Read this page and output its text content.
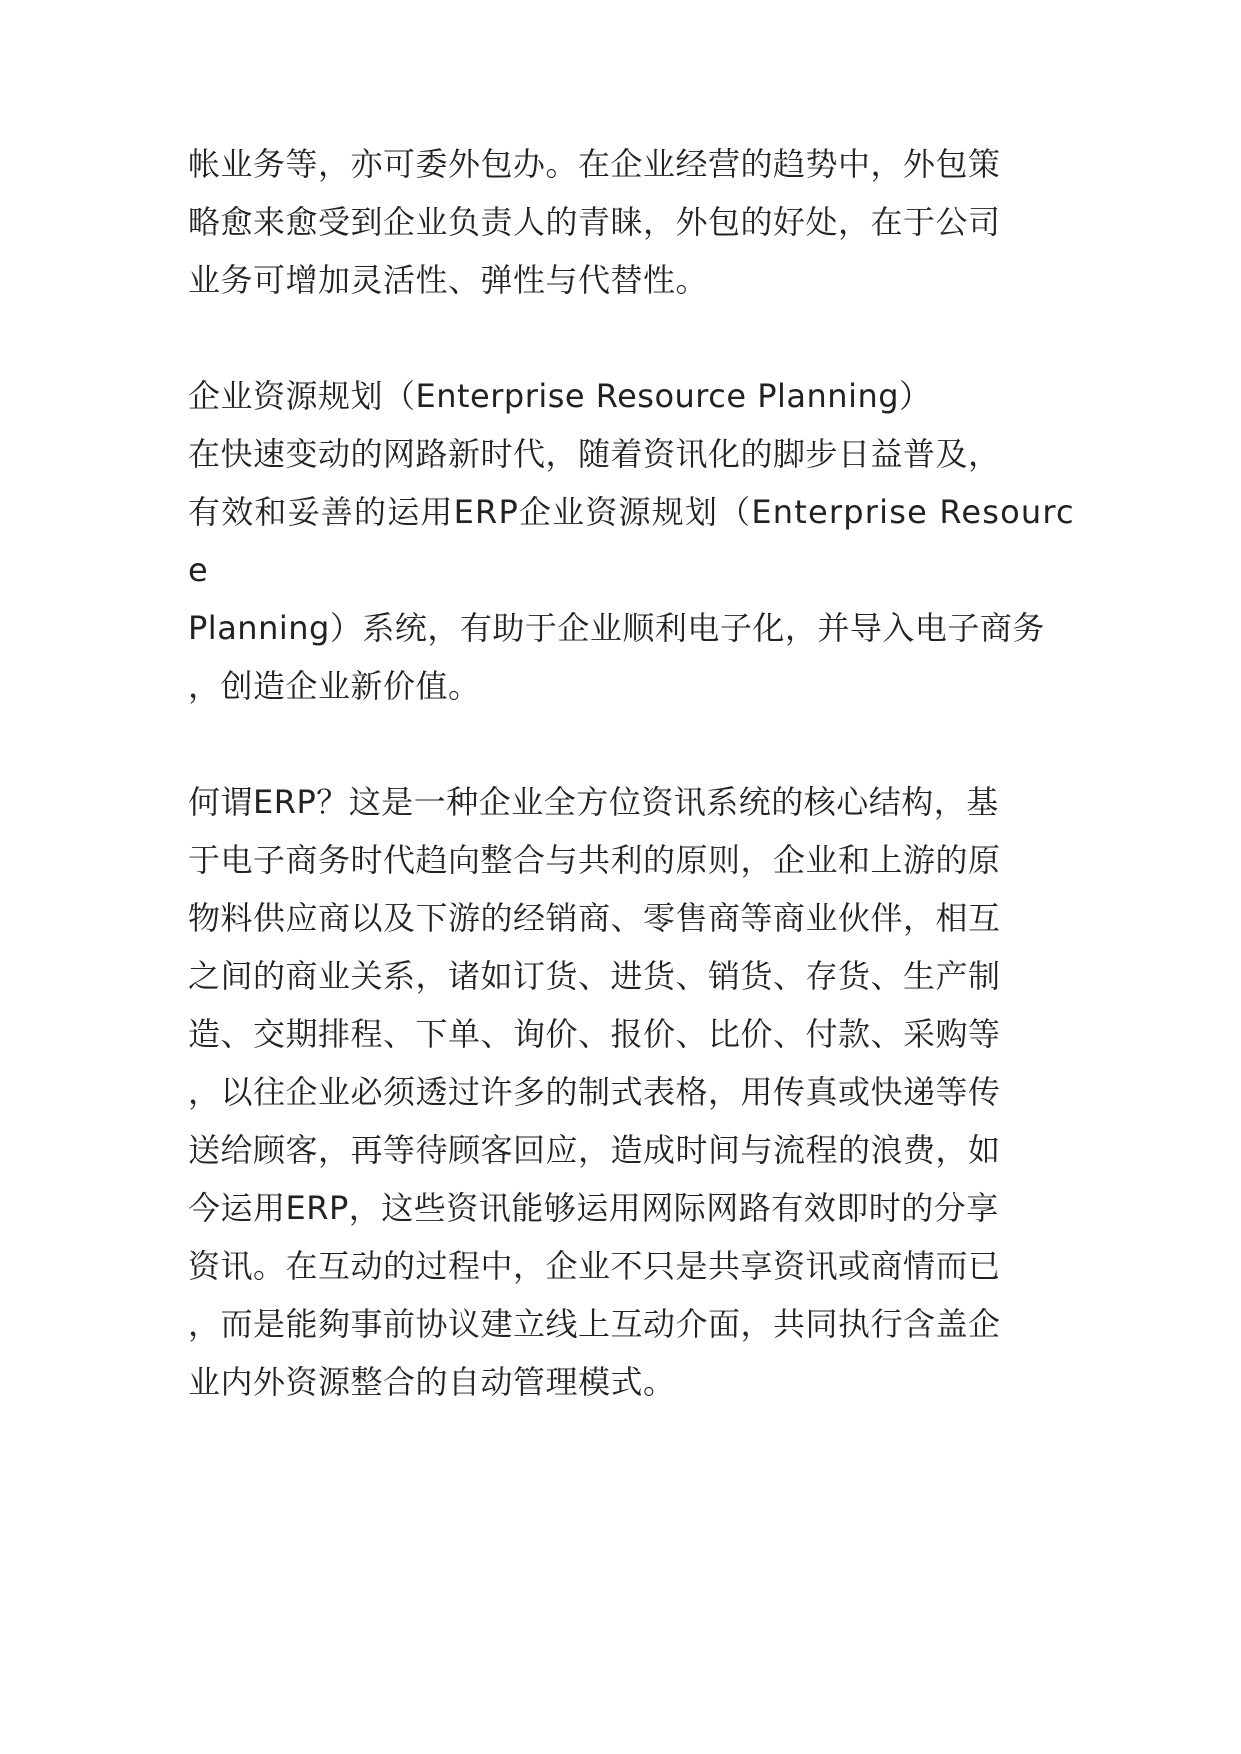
帐业务等，亦可委外包办。在企业经营的趋势中，外包策
略愈来愈受到企业负责人的青睐，外包的好处，在于公司
业务可增加灵活性、弹性与代替性。
企业资源规划（Enterprise Resource Planning）
在快速变动的网路新时代，随着资讯化的脚步日益普及，
有效和妥善的运用ERP企业资源规划（Enterprise Resourc
e
Planning）系统，有助于企业顺利电子化，并导入电子商务
，创造企业新价值。
何谓ERP？这是一种企业全方位资讯系统的核心结构，基
于电子商务时代趋向整合与共利的原则，企业和上游的原
物料供应商以及下游的经销商、零售商等商业伙伴，相互
之间的商业关系，诸如订货、进货、销货、存货、生产制
造、交期排程、下单、询价、报价、比价、付款、采购等
，以往企业必须透过许多的制式表格，用传真或快递等传
送给顾客，再等待顾客回应，造成时间与流程的浪费，如
今运用ERP，这些资讯能够运用网际网路有效即时的分享
资讯。在互动的过程中，企业不只是共享资讯或商情而已
，而是能夠事前协议建立线上互动介面，共同执行含盖企
业内外资源整合的自动管理模式。
